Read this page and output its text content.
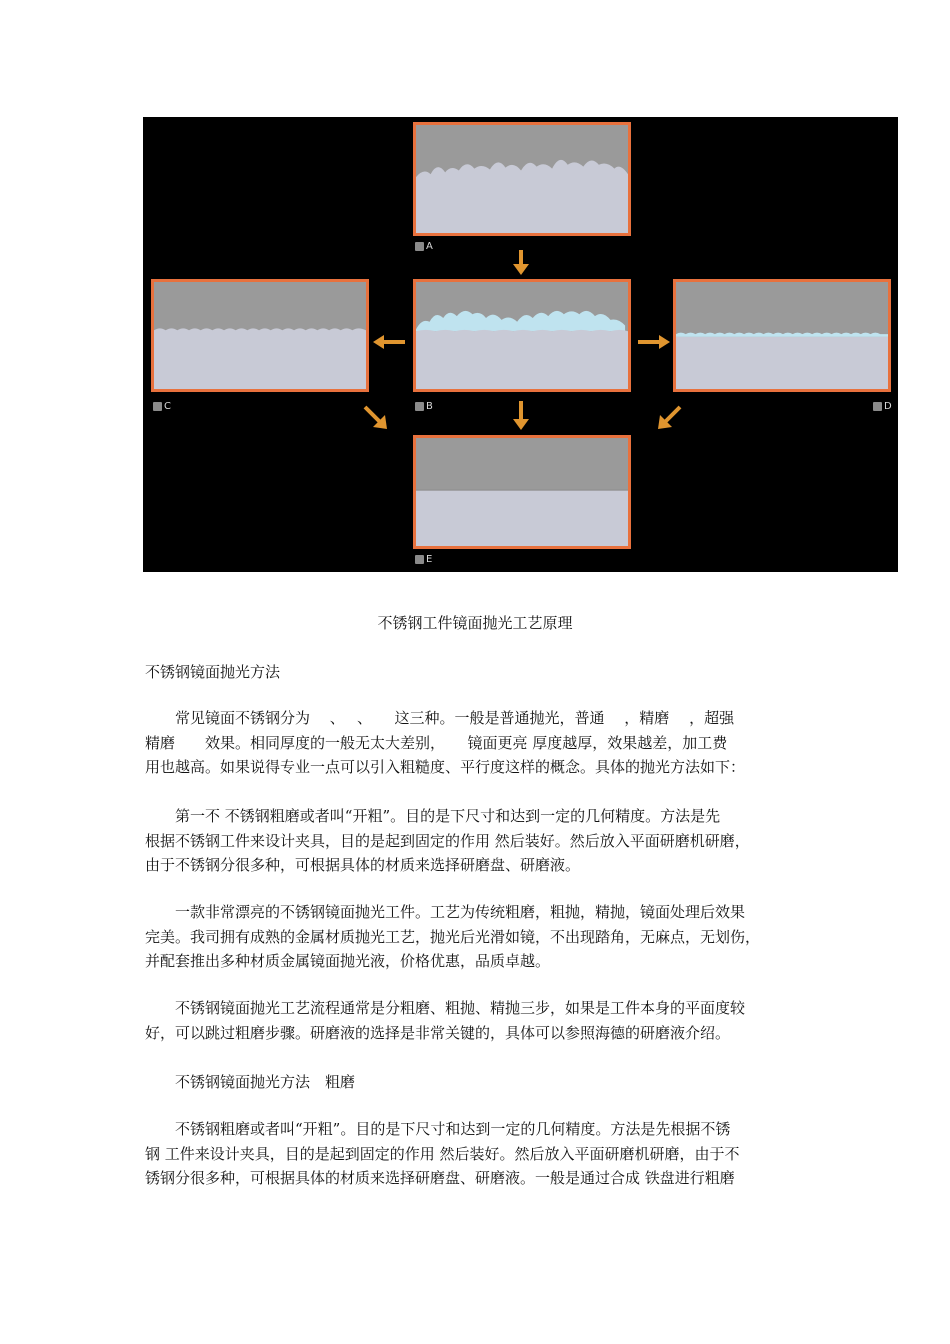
A
B
C	D
E
不锈钢工件镜面抛光工艺原理
不锈钢镜面抛光方法
　　常见镜面不锈钢分为　 、　 、　　这三种。一般是普通抛光，普通　 ，精磨　 ，超强
精磨　　效果。相同厚度的一般无太大差别，　　镜面更亮 厚度越厚，效果越差，加工费
用也越高。如果说得专业一点可以引入粗糙度、平行度这样的概念。具体的抛光方法如下：
　　第一不 不锈钢粗磨或者叫“开粗”。目的是下尺寸和达到一定的几何精度。方法是先
根据不锈钢工件来设计夹具，目的是起到固定的作用 然后装好。然后放入平面研磨机研磨，
由于不锈钢分很多种，可根据具体的材质来选择研磨盘、研磨液。
　　一款非常漂亮的不锈钢镜面抛光工件。工艺为传统粗磨，粗抛，精抛，镜面处理后效果
完美。我司拥有成熟的金属材质抛光工艺，抛光后光滑如镜，不出现踏角，无麻点，无划伤，
并配套推出多种材质金属镜面抛光液，价格优惠，品质卓越。
　　不锈钢镜面抛光工艺流程通常是分粗磨、粗抛、精抛三步，如果是工件本身的平面度较
好，可以跳过粗磨步骤。研磨液的选择是非常关键的，具体可以参照海德的研磨液介绍。
　　不锈钢镜面抛光方法　粗磨
　　不锈钢粗磨或者叫“开粗”。目的是下尺寸和达到一定的几何精度。方法是先根据不锈
钢 工件来设计夹具，目的是起到固定的作用 然后装好。然后放入平面研磨机研磨，由于不
锈钢分很多种，可根据具体的材质来选择研磨盘、研磨液。一般是通过合成 铁盘进行粗磨
